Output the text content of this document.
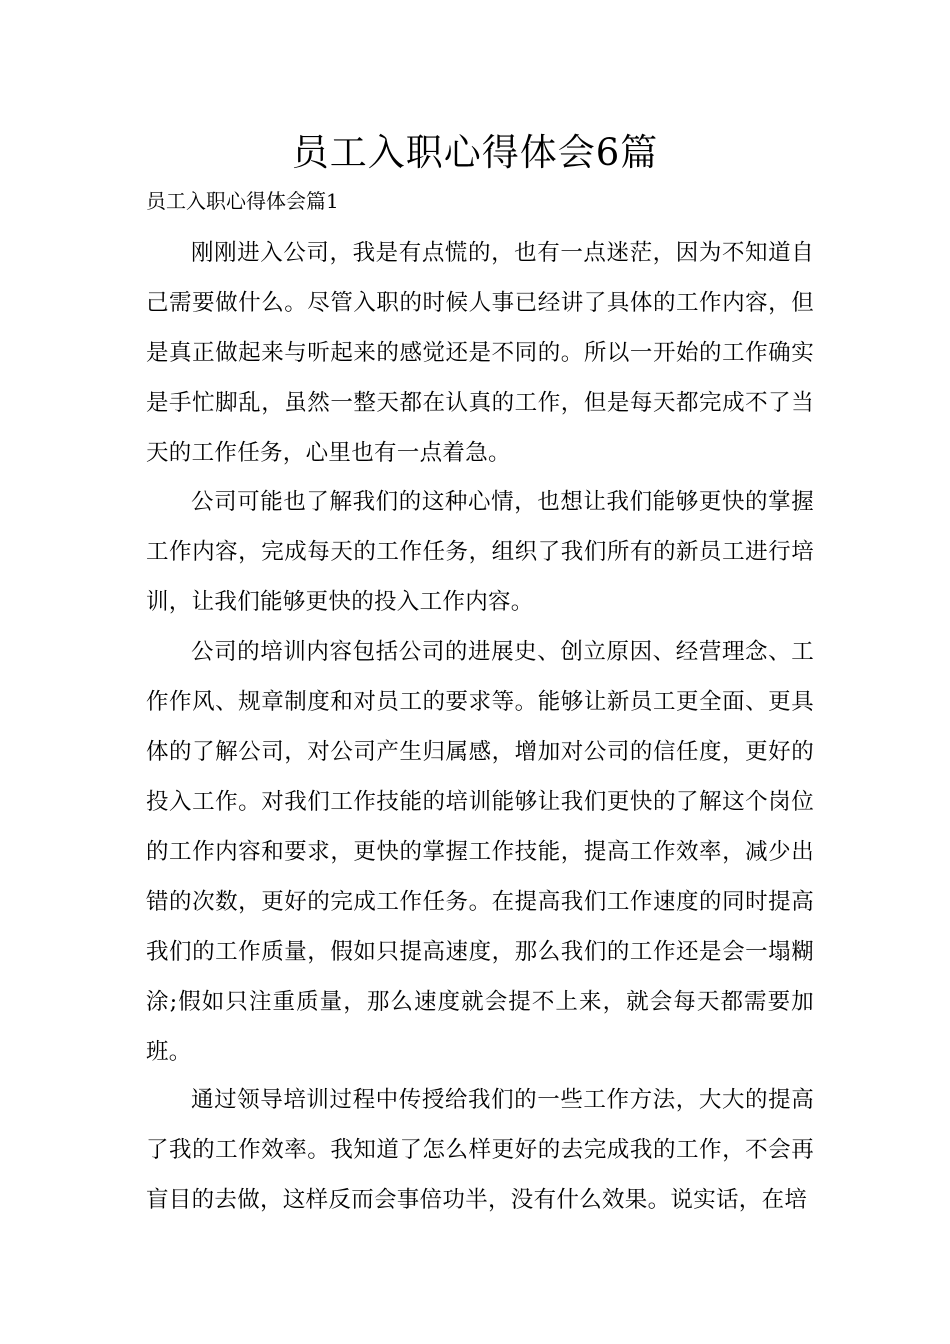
员工入职心得体会6篇

员工入职心得体会篇1

刚刚进入公司，我是有点慌的，也有一点迷茫，因为不知道自己需要做什么。尽管入职的时候人事已经讲了具体的工作内容，但是真正做起来与听起来的感觉还是不同的。所以一开始的工作确实是手忙脚乱，虽然一整天都在认真的工作，但是每天都完成不了当天的工作任务，心里也有一点着急。

公司可能也了解我们的这种心情，也想让我们能够更快的掌握工作内容，完成每天的工作任务，组织了我们所有的新员工进行培训，让我们能够更快的投入工作内容。

公司的培训内容包括公司的进展史、创立原因、经营理念、工作作风、规章制度和对员工的要求等。能够让新员工更全面、更具体的了解公司，对公司产生归属感，增加对公司的信任度，更好的投入工作。对我们工作技能的培训能够让我们更快的了解这个岗位的工作内容和要求，更快的掌握工作技能，提高工作效率，减少出错的次数，更好的完成工作任务。在提高我们工作速度的同时提高我们的工作质量，假如只提高速度，那么我们的工作还是会一塌糊涂;假如只注重质量，那么速度就会提不上来，就会每天都需要加班。

通过领导培训过程中传授给我们的一些工作方法，大大的提高了我的工作效率。我知道了怎么样更好的去完成我的工作，不会再盲目的去做，这样反而会事倍功半，没有什么效果。说实话，在培
